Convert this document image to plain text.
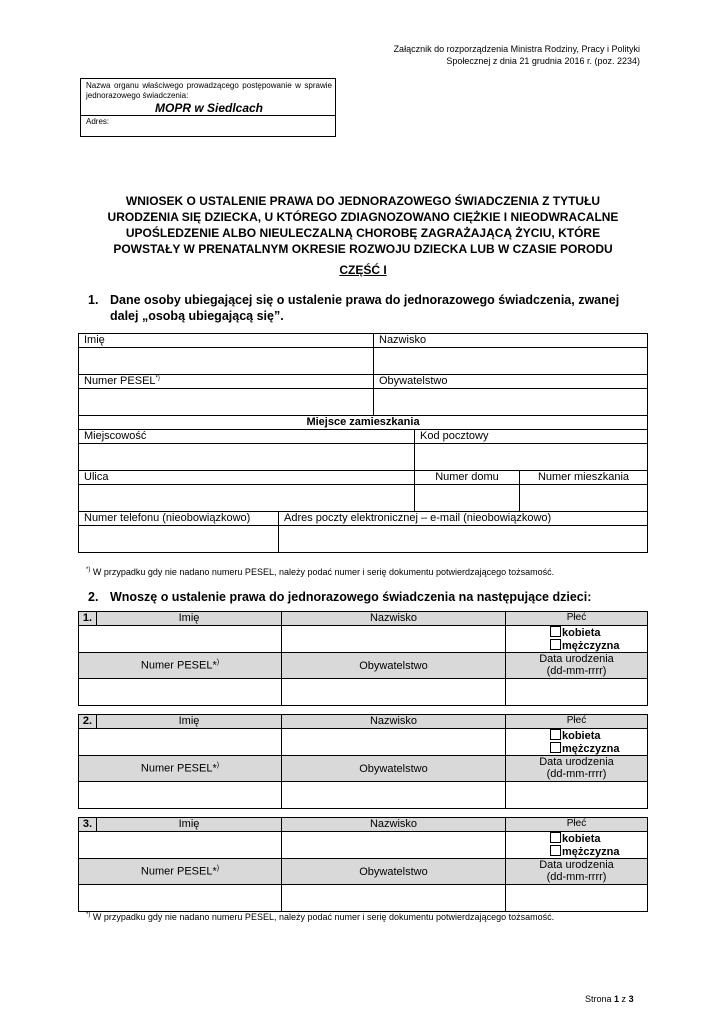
Załącznik do rozporządzenia Ministra Rodziny, Pracy i Polityki
Społecznej z dnia 21 grudnia 2016 r. (poz. 2234)
Nazwa organu właściwego prowadzącego postępowanie w sprawie jednorazowego świadczenia:
MOPR w Siedlcach
Adres:
WNIOSEK O USTALENIE PRAWA DO JEDNORAZOWEGO ŚWIADCZENIA Z TYTUŁU
URODZENIA SIĘ DZIECKA, U KTÓREGO ZDIAGNOZOWANO CIĘŻKIE I NIEODWRACALNE
UPOŚLEDZENIE ALBO NIEULECZALNĄ CHOROBĘ ZAGRAŻAJĄCĄ ŻYCIU, KTÓRE
POWSTAŁY W PRENATALNYM OKRESIE ROZWOJU DZIECKA LUB W CZASIE PORODU
CZĘŚĆ I
1. Dane osoby ubiegającej się o ustalenie prawa do jednorazowego świadczenia, zwanej dalej „osobą ubiegającą się”.
Imię		Nazwisko		

Numer PESEL*)		Obywatelstwo		

Miejsce zamieszkania				
Miejscowość			Kod pocztowy	

Ulica			Numer domu	Numer mieszkania

Numer telefonu (nieobowiązkowo)	Adres poczty elektronicznej – e-mail (nieobowiązkowo)			

*) W przypadku gdy nie nadano numeru PESEL, należy podać numer i serię dokumentu potwierdzającego tożsamość.
2. Wnoszę o ustalenie prawa do jednorazowego świadczenia na następujące dzieci:
1.	Imię	Nazwisko	Płeć

			kobieta
mężczyzna

Numer PESEL*)		Obywatelstwo	Data urodzenia
(dd-mm-rrrr)

2.	Imię	Nazwisko	Płeć

			kobieta
mężczyzna

Numer PESEL*)		Obywatelstwo	Data urodzenia
(dd-mm-rrrr)

3.	Imię	Nazwisko	Płeć

			kobieta
mężczyzna

Numer PESEL*)		Obywatelstwo	Data urodzenia
(dd-mm-rrrr)

*) W przypadku gdy nie nadano numeru PESEL, należy podać numer i serię dokumentu potwierdzającego tożsamość.
Strona 1 z 3
